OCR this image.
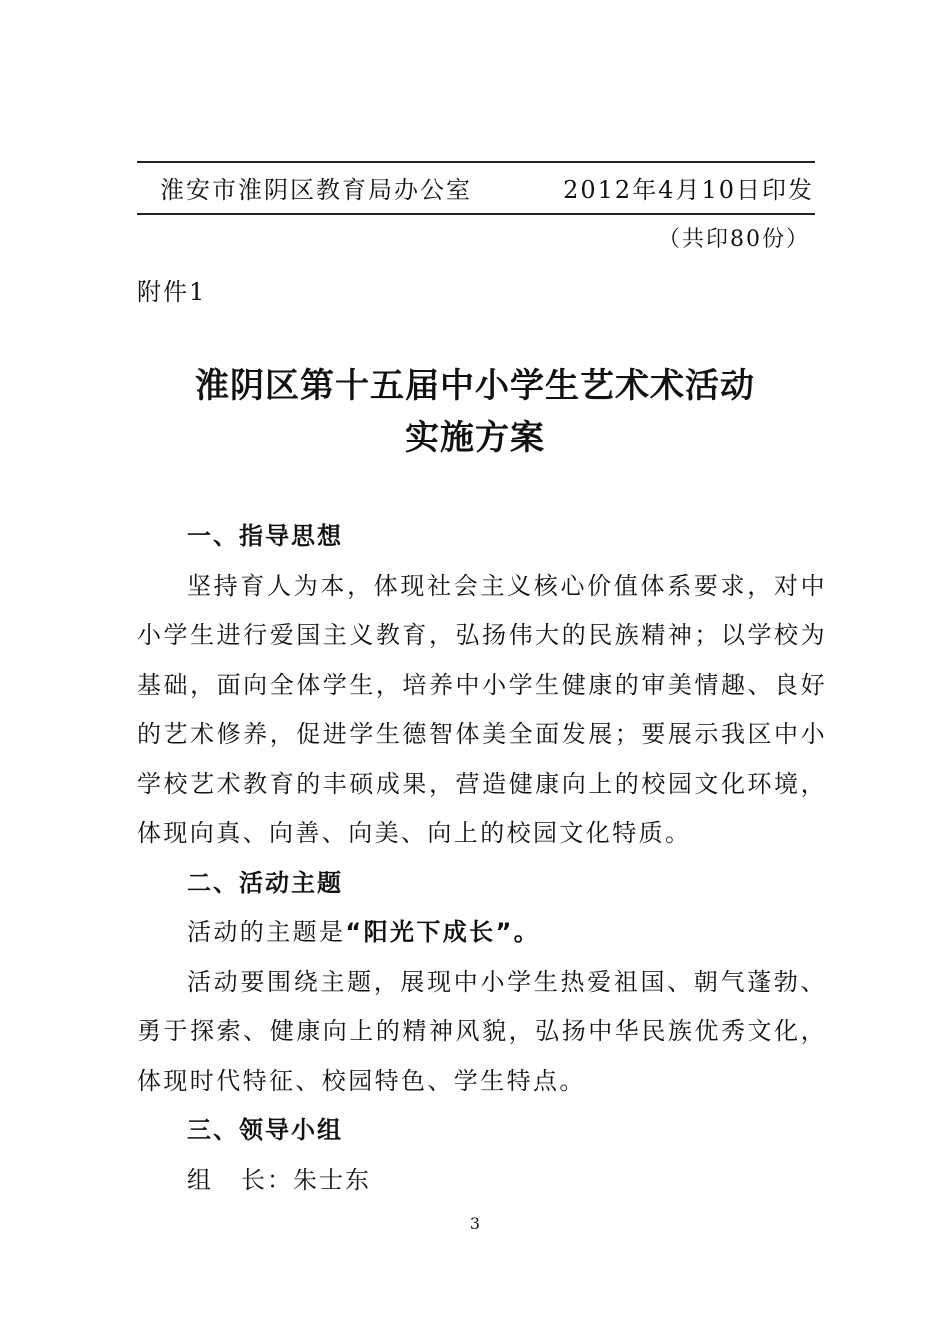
淮安市淮阴区教育局办公室	2012年4月10日印发
（共印80份）
附件1
淮阴区第十五届中小学生艺术术活动
实施方案
一、指导思想
坚持育人为本，体现社会主义核心价值体系要求，对中小学生进行爱国主义教育，弘扬伟大的民族精神；以学校为基础，面向全体学生，培养中小学生健康的审美情趣、良好的艺术修养，促进学生德智体美全面发展；要展示我区中小学校艺术教育的丰硕成果，营造健康向上的校园文化环境，体现向真、向善、向美、向上的校园文化特质。
二、活动主题
活动的主题是“阳光下成长”。
活动要围绕主题，展现中小学生热爱祖国、朝气蓬勃、勇于探索、健康向上的精神风貌，弘扬中华民族优秀文化，体现时代特征、校园特色、学生特点。
三、领导小组
组 长：朱士东
3
